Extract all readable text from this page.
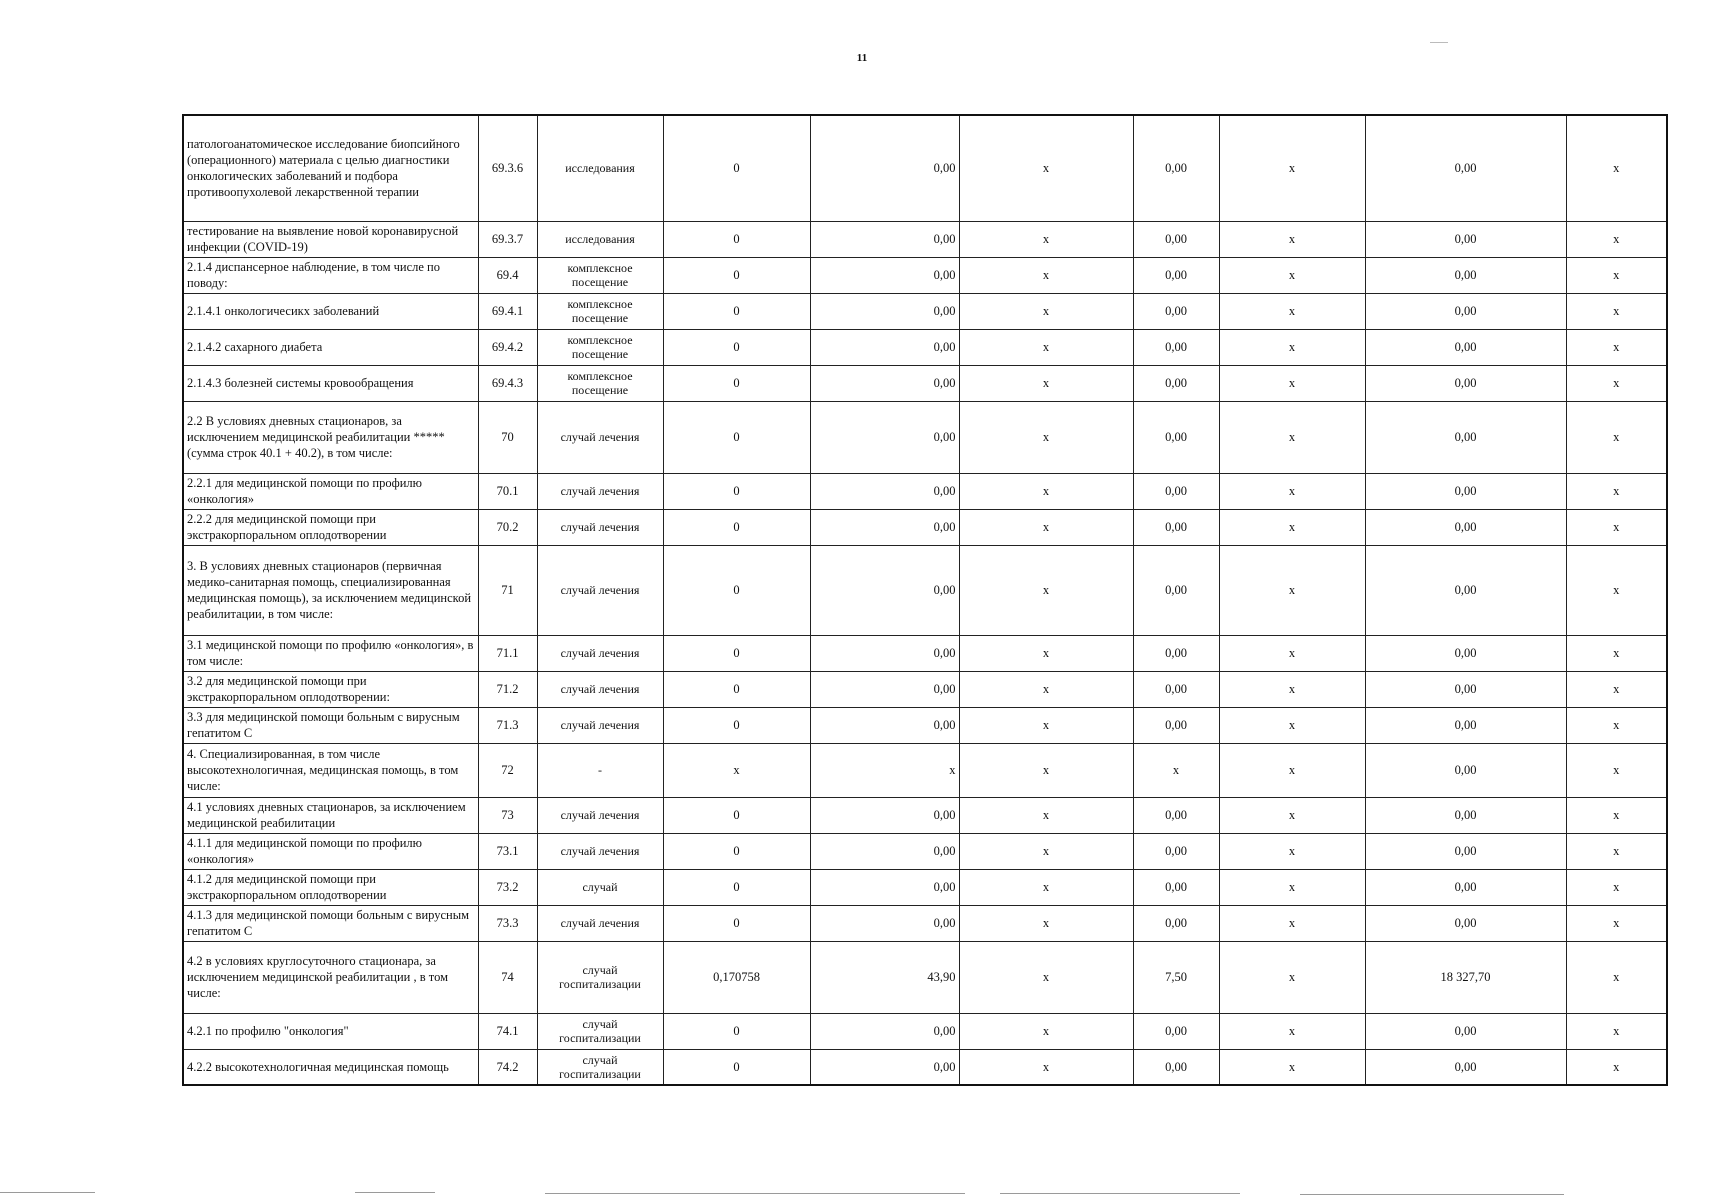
11
патологоанатомическое исследование биопсийного (операционного) материала с целью диагностики онкологических заболеваний и подбора противоопухолевой лекарственной терапии	69.3.6	исследования	0	0,00	x	0,00	x	0,00	x
тестирование на выявление новой коронавирусной инфекции (COVID-19)	69.3.7	исследования	0	0,00	x	0,00	x	0,00	x
2.1.4 диспансерное наблюдение, в том числе по поводу:	69.4	комплексное посещение	0	0,00	x	0,00	x	0,00	x
2.1.4.1 онкологичесикх заболеваний	69.4.1	комплексное посещение	0	0,00	x	0,00	x	0,00	x
2.1.4.2 сахарного диабета	69.4.2	комплексное посещение	0	0,00	x	0,00	x	0,00	x
2.1.4.3 болезней системы кровообращения	69.4.3	комплексное посещение	0	0,00	x	0,00	x	0,00	x
2.2 В условиях дневных стационаров, за исключением медицинской реабилитации ***** (сумма строк 40.1 + 40.2), в том числе:	70	случай лечения	0	0,00	x	0,00	x	0,00	x
2.2.1 для медицинской помощи по профилю «онкология»	70.1	случай лечения	0	0,00	x	0,00	x	0,00	x
2.2.2 для медицинской помощи при экстракорпоральном оплодотворении	70.2	случай лечения	0	0,00	x	0,00	x	0,00	x
3. В условиях дневных стационаров (первичная медико-санитарная помощь, специализированная медицинская помощь), за исключением медицинской реабилитации, в том числе:	71	случай лечения	0	0,00	x	0,00	x	0,00	x
3.1 медицинской помощи по профилю «онкология», в том числе:	71.1	случай лечения	0	0,00	x	0,00	x	0,00	x
3.2 для медицинской помощи при экстракорпоральном оплодотворении:	71.2	случай лечения	0	0,00	x	0,00	x	0,00	x
3.3 для медицинской помощи больным с вирусным гепатитом С	71.3	случай лечения	0	0,00	x	0,00	x	0,00	x
4. Специализированная, в том числе высокотехнологичная, медицинская помощь, в том числе:	72	-	x	x	x	x	x	0,00	x
4.1 условиях дневных стационаров, за исключением медицинской реабилитации	73	случай лечения	0	0,00	x	0,00	x	0,00	x
4.1.1 для медицинской помощи по профилю «онкология»	73.1	случай лечения	0	0,00	x	0,00	x	0,00	x
4.1.2 для медицинской помощи при экстракорпоральном оплодотворении	73.2	случай	0	0,00	x	0,00	x	0,00	x
4.1.3 для медицинской помощи больным с вирусным гепатитом С	73.3	случай лечения	0	0,00	x	0,00	x	0,00	x
4.2 в условиях круглосуточного стационара, за исключением медицинской реабилитации , в том числе:	74	случай госпитализации	0,170758	43,90	x	7,50	x	18 327,70	x
4.2.1 по профилю "онкология"	74.1	случай госпитализации	0	0,00	x	0,00	x	0,00	x
4.2.2 высокотехнологичная медицинская помощь	74.2	случай госпитализации	0	0,00	x	0,00	x	0,00	x
